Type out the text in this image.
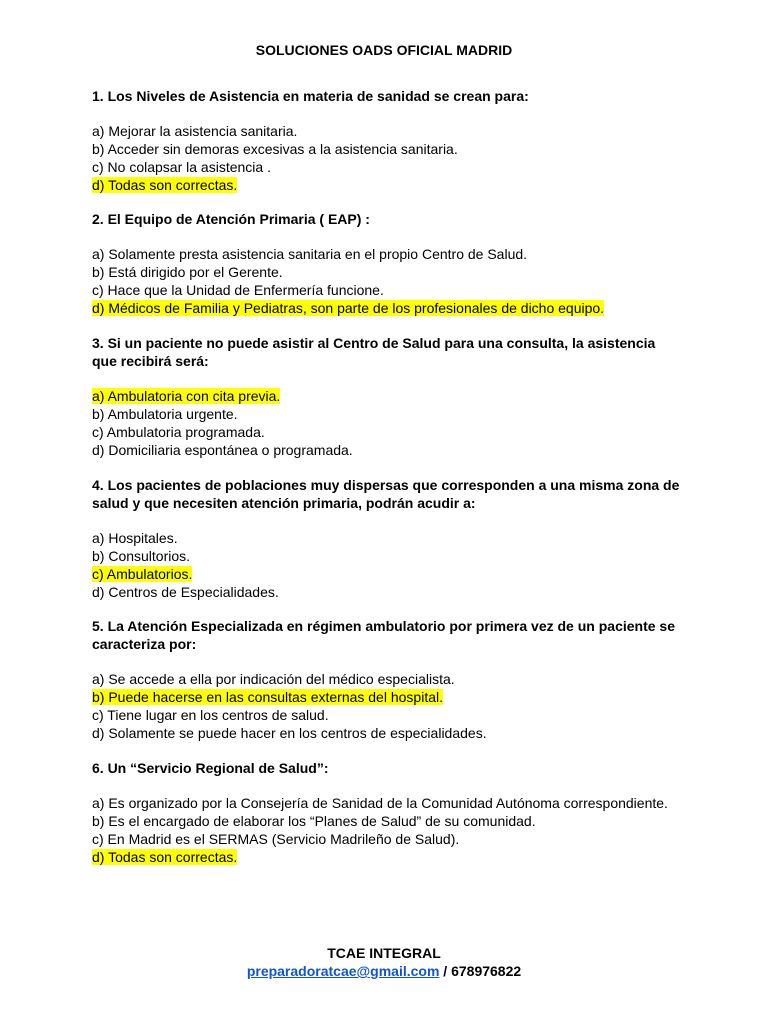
SOLUCIONES OADS OFICIAL MADRID

1. Los Niveles de Asistencia en materia de sanidad se crean para:

a) Mejorar la asistencia sanitaria.

b) Acceder sin demoras excesivas a la asistencia sanitaria.

c) No colapsar la asistencia .

d) Todas son correctas.

2. El Equipo de Atención Primaria ( EAP) :

a) Solamente presta asistencia sanitaria en el propio Centro de Salud.

b) Está dirigido por el Gerente.

c) Hace que la Unidad de Enfermería funcione.

d) Médicos de Familia y Pediatras, son parte de los profesionales de dicho equipo.

3. Si un paciente no puede asistir al Centro de Salud para una consulta, la asistencia que recibirá será:

a) Ambulatoria con cita previa.

b) Ambulatoria urgente.

c) Ambulatoria programada.

d) Domiciliaria espontánea o programada.

4. Los pacientes de poblaciones muy dispersas que corresponden a una misma zona de salud y que necesiten atención primaria, podrán acudir a:

a) Hospitales.

b) Consultorios.

c) Ambulatorios.

d) Centros de Especialidades.

5. La Atención Especializada en régimen ambulatorio por primera vez de un paciente se caracteriza por:

a) Se accede a ella por indicación del médico especialista.

b) Puede hacerse en las consultas externas del hospital.

c) Tiene lugar en los centros de salud.

d) Solamente se puede hacer en los centros de especialidades.

6. Un “Servicio Regional de Salud”:

a) Es organizado por la Consejería de Sanidad de la Comunidad Autónoma correspondiente.

b) Es el encargado de elaborar los “Planes de Salud” de su comunidad.

c) En Madrid es el SERMAS (Servicio Madrileño de Salud).

d) Todas son correctas.

TCAE INTEGRAL
preparadoratcae@gmail.com / 678976822
